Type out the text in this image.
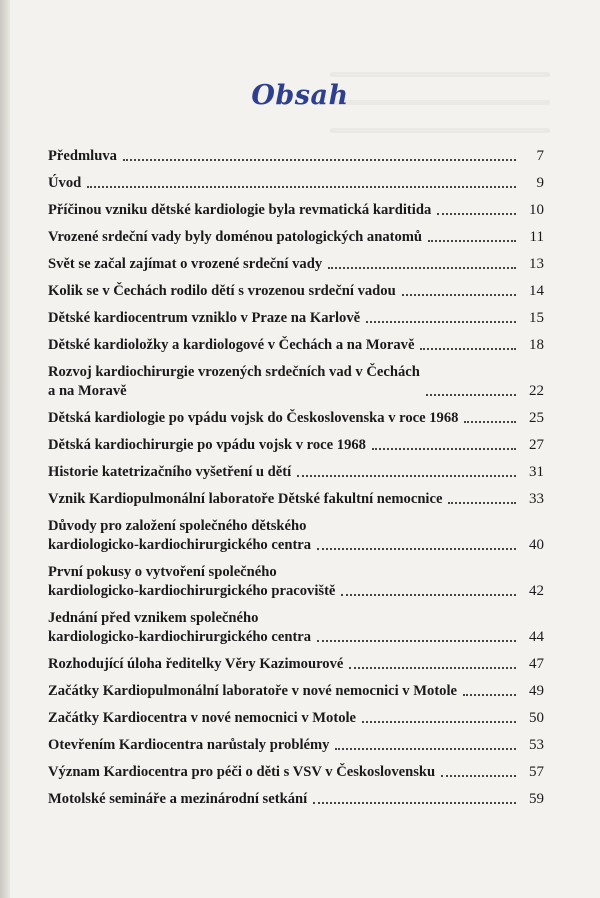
Obsah
Předmluva	7
Úvod	9
Příčinou vzniku dětské kardiologie byla revmatická karditida	10
Vrozené srdeční vady byly doménou patologických anatomů	11
Svět se začal zajímat o vrozené srdeční vady	13
Kolik se v Čechách rodilo dětí s vrozenou srdeční vadou	14
Dětské kardiocentrum vzniklo v Praze na Karlově	15
Dětské kardioložky a kardiologové v Čechách a na Moravě	18
Rozvoj kardiochirurgie vrozených srdečních vad v Čechách
a na Moravě	22
Dětská kardiologie po vpádu vojsk do Československa v roce 1968	25
Dětská kardiochirurgie po vpádu vojsk v roce 1968	27
Historie katetrizačního vyšetření u dětí	31
Vznik Kardiopulmonální laboratoře Dětské fakultní nemocnice	33
Důvody pro založení společného dětského
kardiologicko-kardiochirurgického centra	40
První pokusy o vytvoření společného
kardiologicko-kardiochirurgického pracoviště	42
Jednání před vznikem společného
kardiologicko-kardiochirurgického centra	44
Rozhodující úloha ředitelky Věry Kazimourové	47
Začátky Kardiopulmonální laboratoře v nové nemocnici v Motole	49
Začátky Kardiocentra v nové nemocnici v Motole	50
Otevřením Kardiocentra narůstaly problémy	53
Význam Kardiocentra pro péči o děti s VSV v Československu	57
Motolské semináře a mezinárodní setkání	59
